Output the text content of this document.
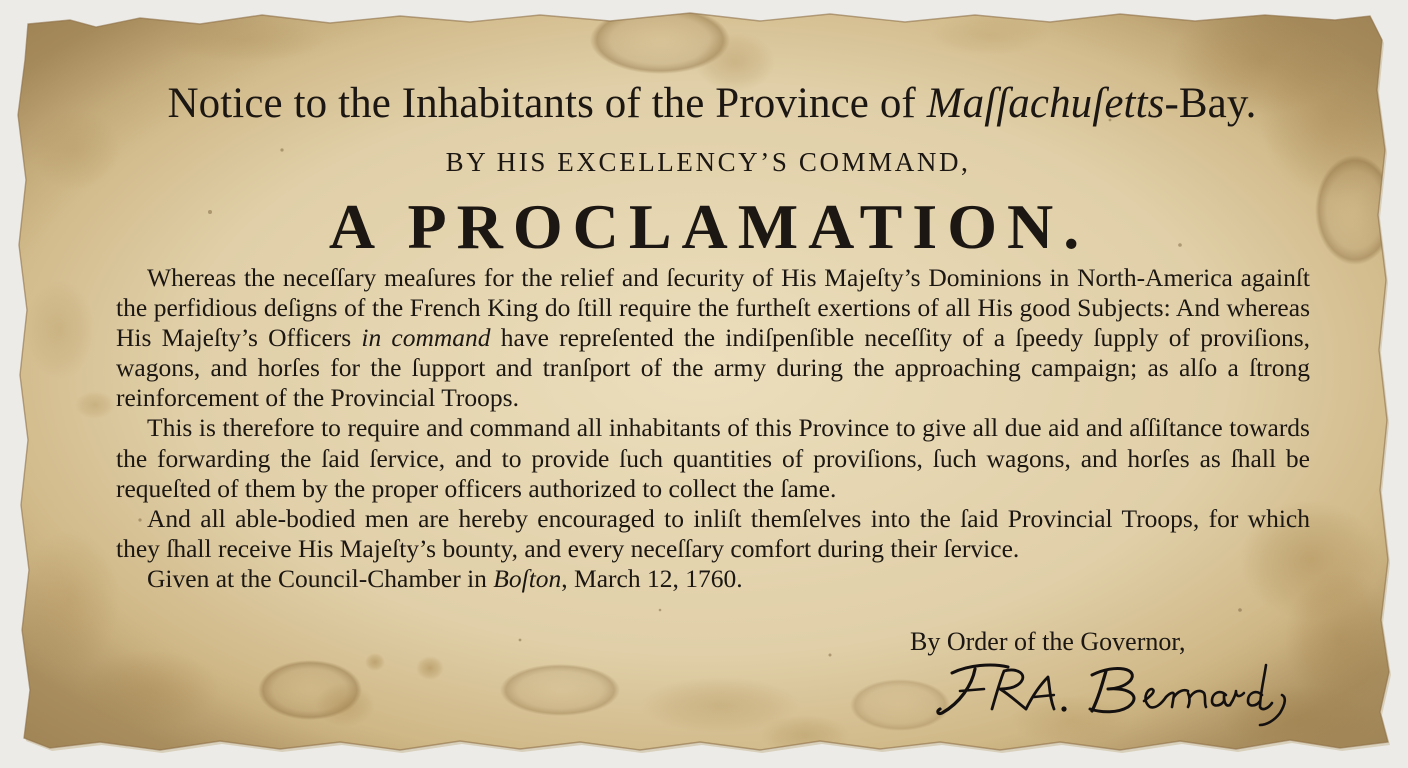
Notice to the Inhabitants of the Province of Maſſachuſetts-Bay.
BY HIS EXCELLENCY’S COMMAND,
A PROCLAMATION.

Whereas the neceſſary meaſures for the relief and ſecurity of His Majeſty’s Dominions in North-America againſt the perfidious deſigns of the French King do ſtill require the furtheſt exertions of all His good Subjects: And whereas His Majeſty’s Officers in command have repreſented the indiſpenſible neceſſity of a ſpeedy ſupply of proviſions, wagons, and horſes for the ſupport and tranſport of the army during the approaching campaign; as alſo a ſtrong reinforcement of the Provincial Troops.

This is therefore to require and command all inhabitants of this Province to give all due aid and aſſiſtance towards the forwarding the ſaid ſervice, and to provide ſuch quantities of proviſions, ſuch wagons, and horſes as ſhall be requeſted of them by the proper officers authorized to collect the ſame.

And all able-bodied men are hereby encouraged to inliſt themſelves into the ſaid Provincial Troops, for which they ſhall receive His Majeſty’s bounty, and every neceſſary comfort during their ſervice.

Given at the Council-Chamber in Boſton, March 12, 1760.

By Order of the Governor,
